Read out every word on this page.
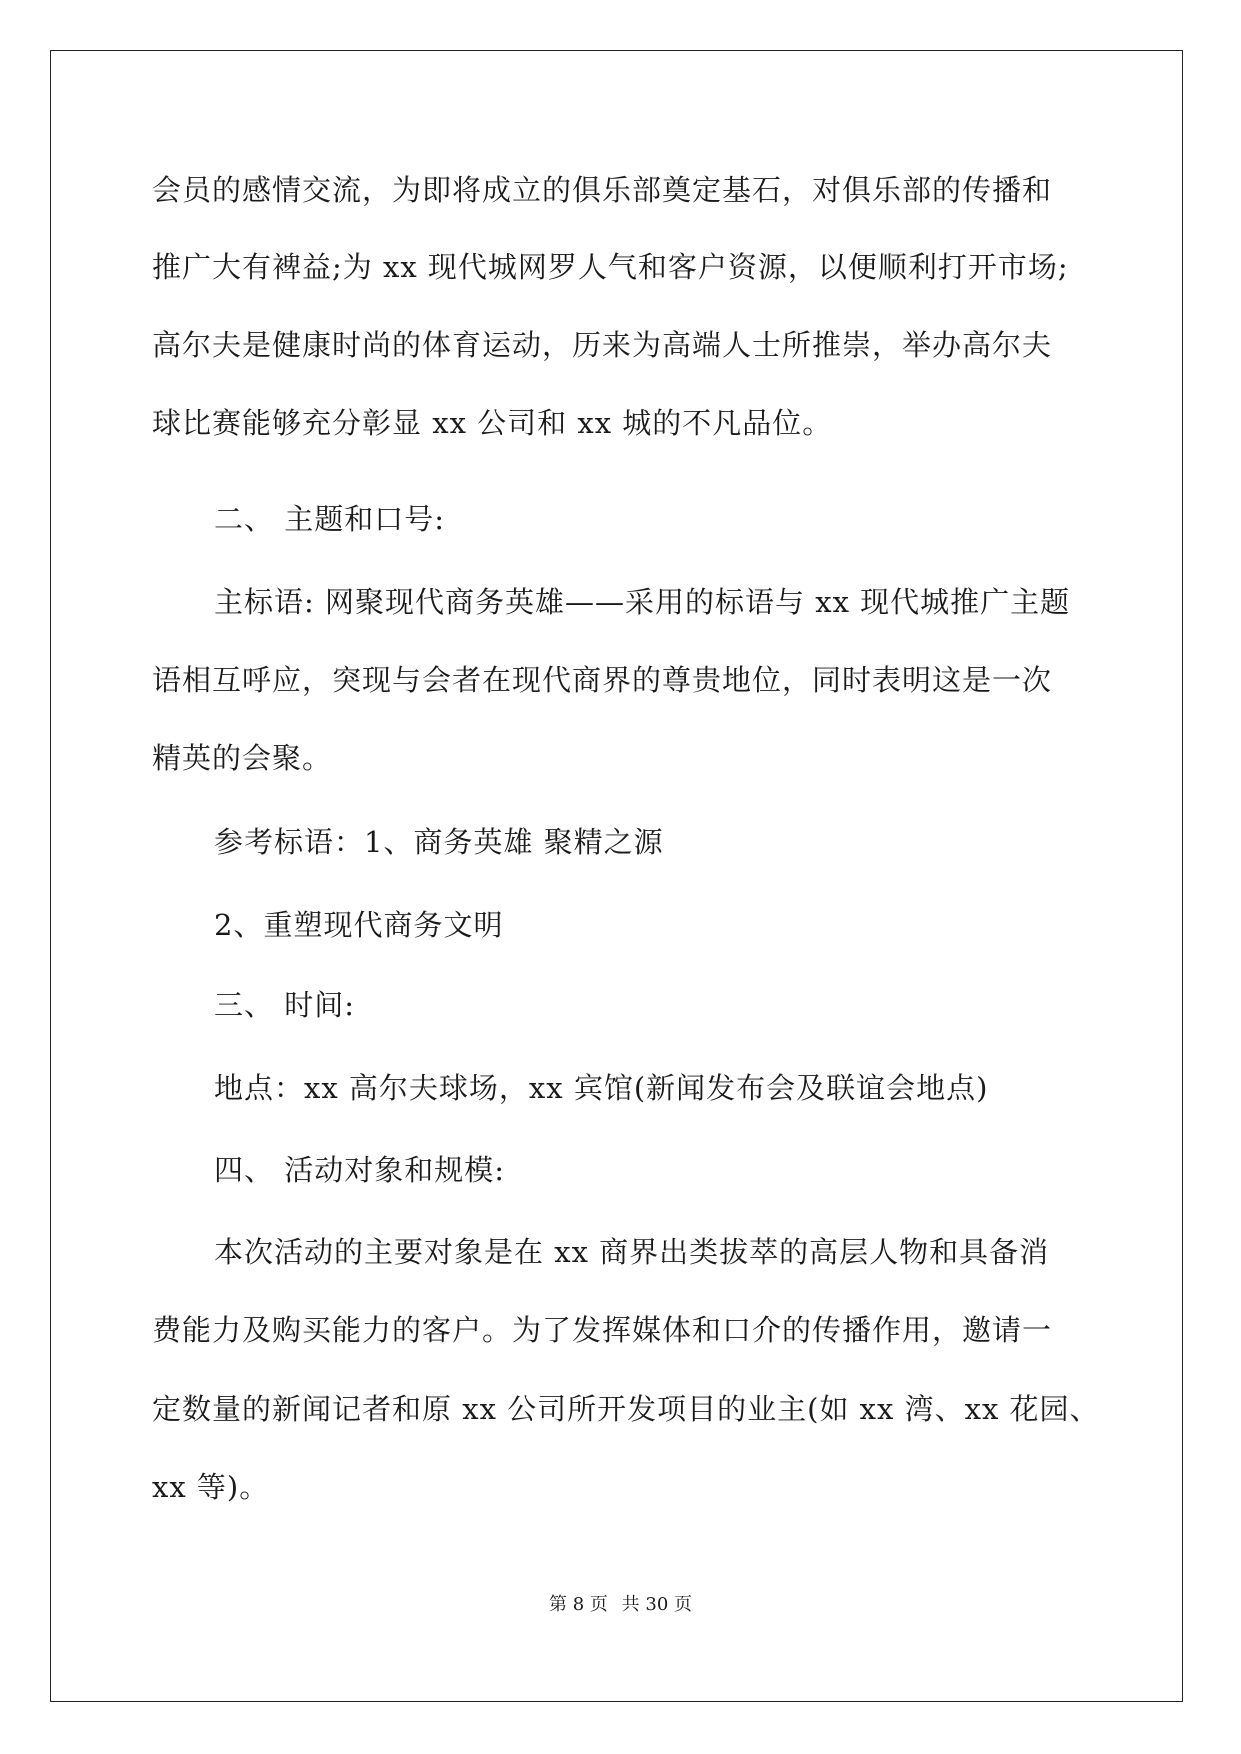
会员的感情交流，为即将成立的俱乐部奠定基石，对俱乐部的传播和
推广大有裨益;为 xx 现代城网罗人气和客户资源，以便顺利打开市场;
高尔夫是健康时尚的体育运动，历来为高端人士所推崇，举办高尔夫
球比赛能够充分彰显 xx 公司和 xx 城的不凡品位。
二、 主题和口号:
主标语: 网聚现代商务英雄——采用的标语与 xx 现代城推广主题
语相互呼应，突现与会者在现代商界的尊贵地位，同时表明这是一次
精英的会聚。
参考标语：1、商务英雄 聚精之源
2、重塑现代商务文明
三、 时间:
地点：xx 高尔夫球场，xx 宾馆(新闻发布会及联谊会地点)
四、 活动对象和规模:
本次活动的主要对象是在 xx 商界出类拔萃的高层人物和具备消
费能力及购买能力的客户。为了发挥媒体和口介的传播作用，邀请一
定数量的新闻记者和原 xx 公司所开发项目的业主(如 xx 湾、xx 花园、
xx 等)。
第 8 页 共 30 页
